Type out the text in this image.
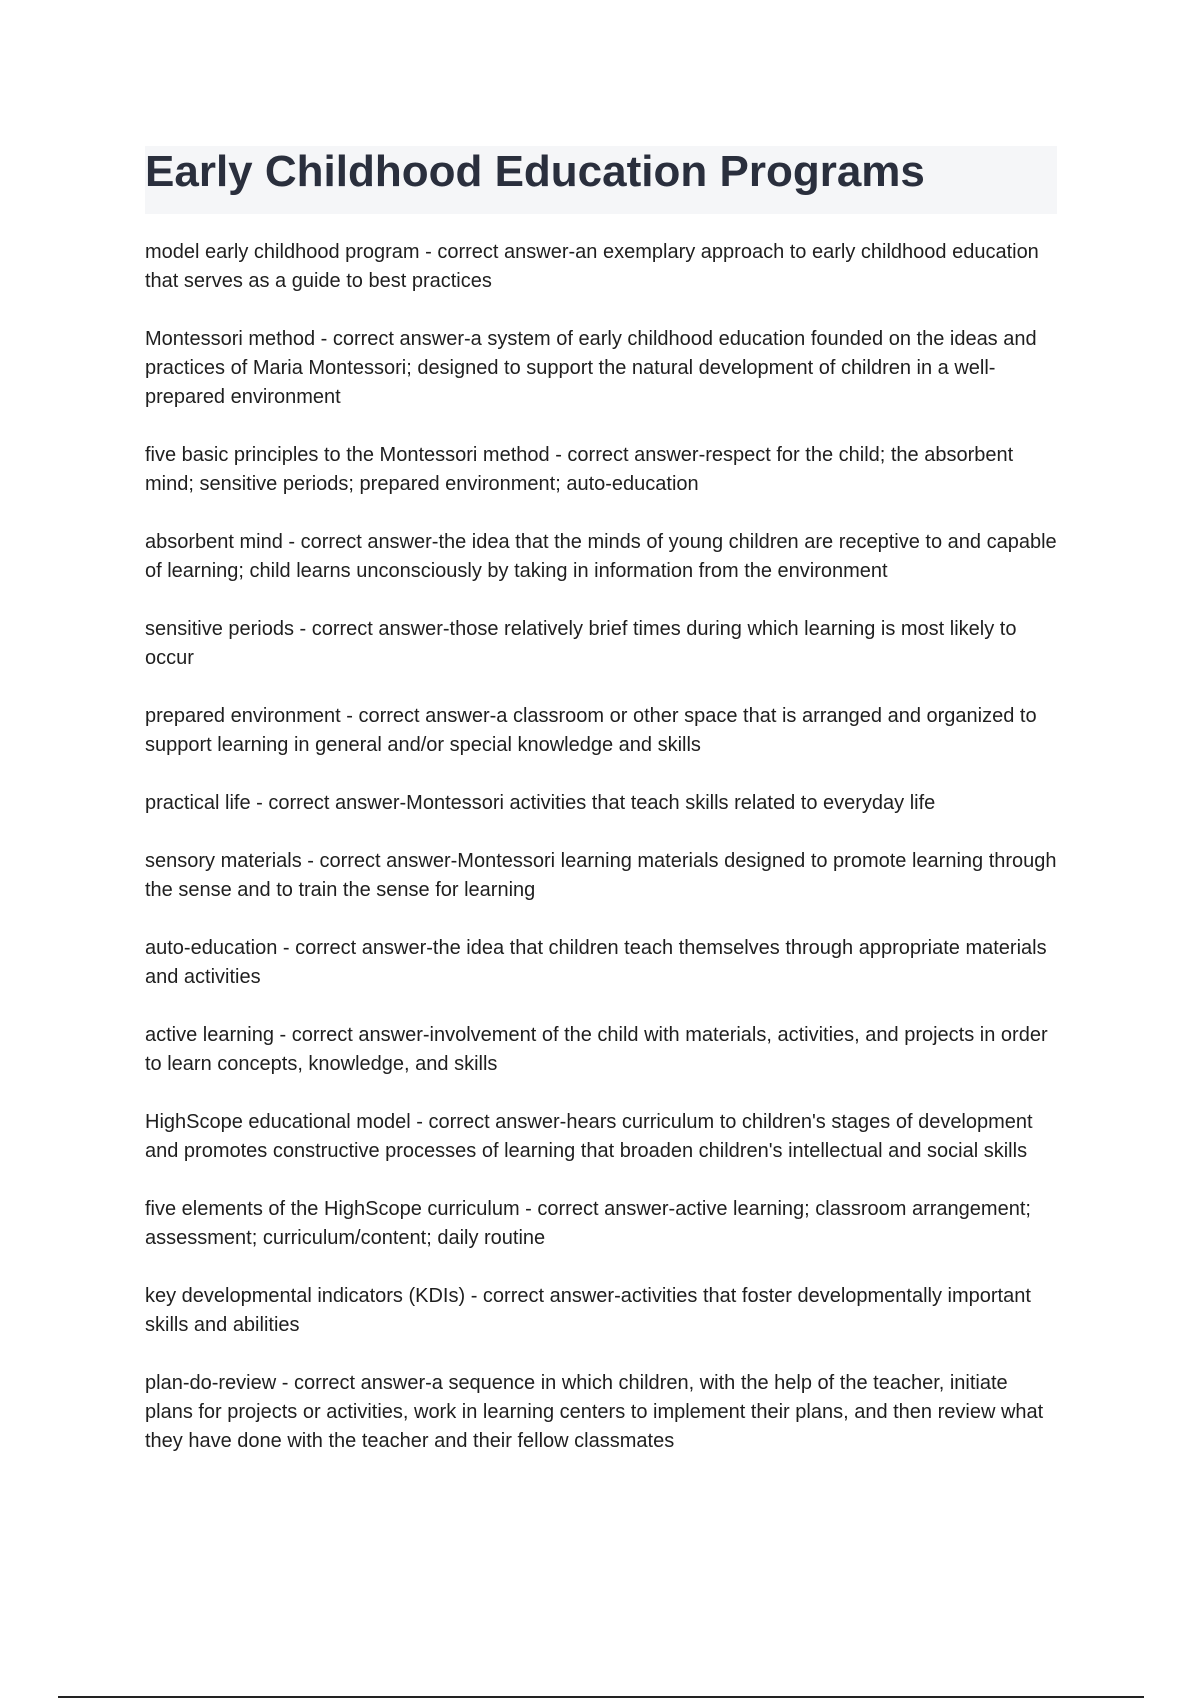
Early Childhood Education Programs

model early childhood program - correct answer-an exemplary approach to early childhood education that serves as a guide to best practices

Montessori method - correct answer-a system of early childhood education founded on the ideas and practices of Maria Montessori; designed to support the natural development of children in a well-prepared environment

five basic principles to the Montessori method - correct answer-respect for the child; the absorbent mind; sensitive periods; prepared environment; auto-education

absorbent mind - correct answer-the idea that the minds of young children are receptive to and capable of learning; child learns unconsciously by taking in information from the environment

sensitive periods - correct answer-those relatively brief times during which learning is most likely to occur

prepared environment - correct answer-a classroom or other space that is arranged and organized to support learning in general and/or special knowledge and skills

practical life - correct answer-Montessori activities that teach skills related to everyday life

sensory materials - correct answer-Montessori learning materials designed to promote learning through the sense and to train the sense for learning

auto-education - correct answer-the idea that children teach themselves through appropriate materials and activities

active learning - correct answer-involvement of the child with materials, activities, and projects in order to learn concepts, knowledge, and skills

HighScope educational model - correct answer-hears curriculum to children's stages of development and promotes constructive processes of learning that broaden children's intellectual and social skills

five elements of the HighScope curriculum - correct answer-active learning; classroom arrangement; assessment; curriculum/content; daily routine

key developmental indicators (KDIs) - correct answer-activities that foster developmentally important skills and abilities

plan-do-review - correct answer-a sequence in which children, with the help of the teacher, initiate plans for projects or activities, work in learning centers to implement their plans, and then review what they have done with the teacher and their fellow classmates
